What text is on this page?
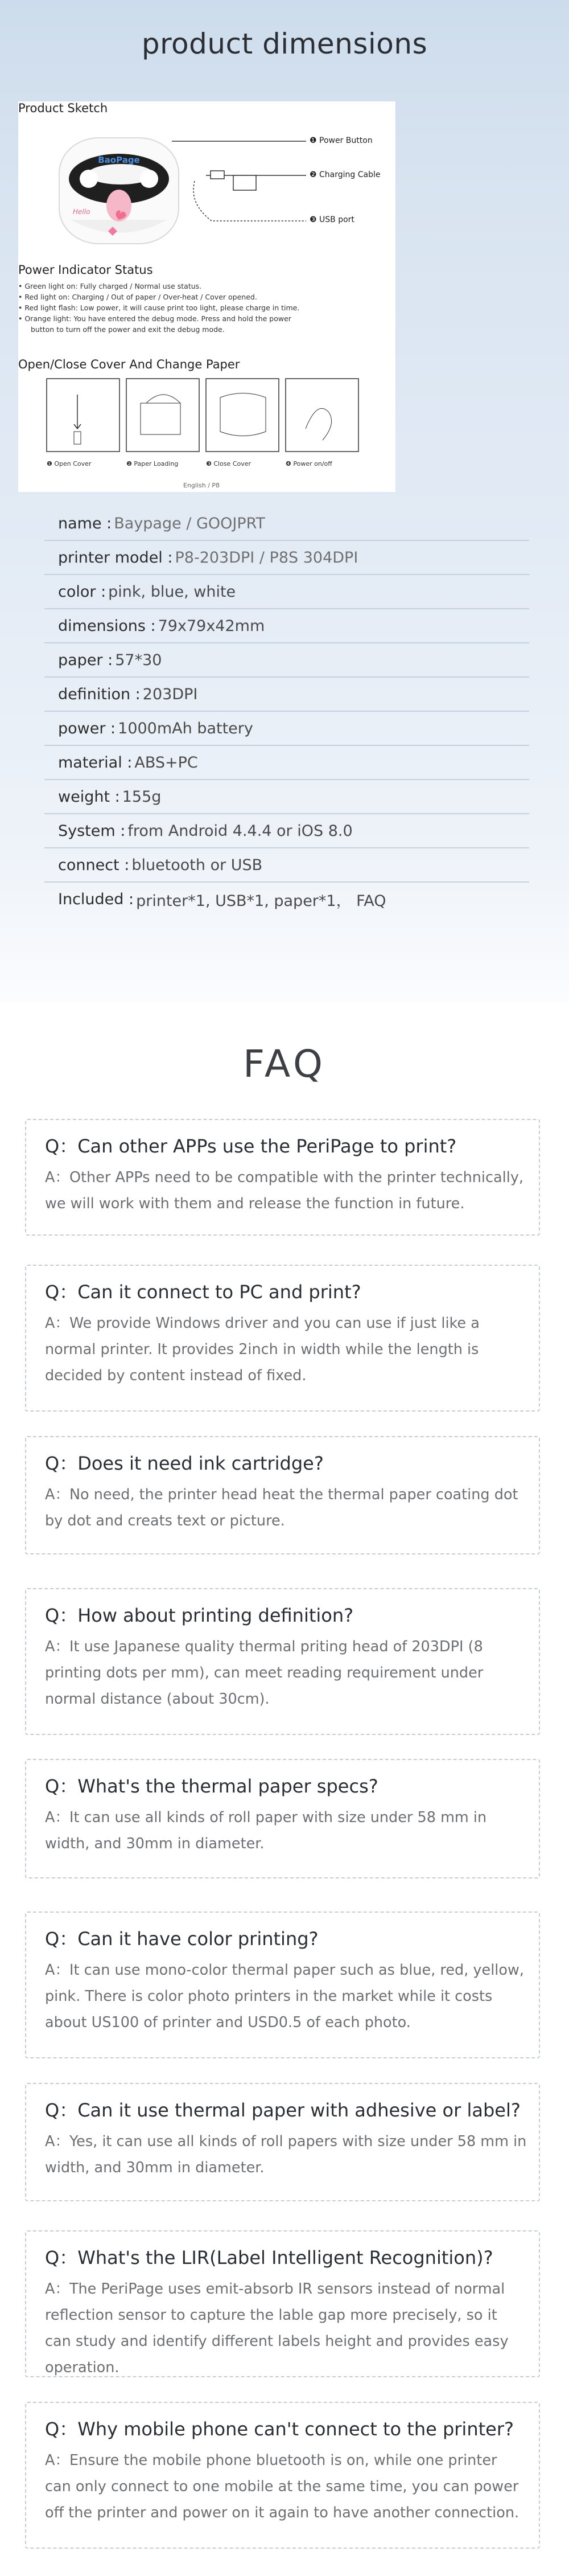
product dimensions
Product Sketch
BaoPage
Hello
❶ Power Button
❷ Charging Cable
❸ USB port
Power Indicator Status
• Green light on: Fully charged / Normal use status.
• Red light on: Charging / Out of paper / Over-heat / Cover opened.
• Red light flash: Low power, it will cause print too light, please charge in time.
• Orange light: You have entered the debug mode. Press and hold the power
button to turn off the power and exit the debug mode.
Open/Close Cover And Change Paper
❶ Open Cover	❷ Paper Loading	❸ Close Cover	❹ Power on/off
English / P8
name : Baypage / GOOJPRT
printer model : P8-203DPI / P8S 304DPI
color : pink, blue, white
dimensions : 79x79x42mm
paper : 57*30
definition : 203DPI
power : 1000mAh battery
material : ABS+PC
weight : 155g
System : from Android 4.4.4 or iOS 8.0
connect : bluetooth or USB
Included : printer*1, USB*1, paper*1， FAQ
FAQ
Q：Can other APPs use the PeriPage to print?
A：Other APPs need to be compatible with the printer technically, we will work with them and release the function in future.
Q：Can it connect to PC and print?
A：We provide Windows driver and you can use if just like a normal printer. It provides 2inch in width while the length is decided by content instead of fixed.
Q：Does it need ink cartridge?
A：No need, the printer head heat the thermal paper coating dot by dot and creats text or picture.
Q：How about printing definition?
A：It use Japanese quality thermal priting head of 203DPI (8 printing dots per mm), can meet reading requirement under normal distance (about 30cm).
Q：What's the thermal paper specs?
A：It can use all kinds of roll paper with size under 58 mm in width, and 30mm in diameter.
Q：Can it have color printing?
A：It can use mono-color thermal paper such as blue, red, yellow, pink. There is color photo printers in the market while it costs about US100 of printer and USD0.5 of each photo.
Q：Can it use thermal paper with adhesive or label?
A：Yes, it can use all kinds of roll papers with size under 58 mm in width, and 30mm in diameter.
Q：What's the LIR(Label Intelligent Recognition)?
A：The PeriPage uses emit-absorb IR sensors instead of normal reflection sensor to capture the lable gap more precisely, so it can study and identify different labels height and provides easy operation.
Q：Why mobile phone can't connect to the printer?
A：Ensure the mobile phone bluetooth is on, while one printer can only connect to one mobile at the same time, you can power off the printer and power on it again to have another connection.
